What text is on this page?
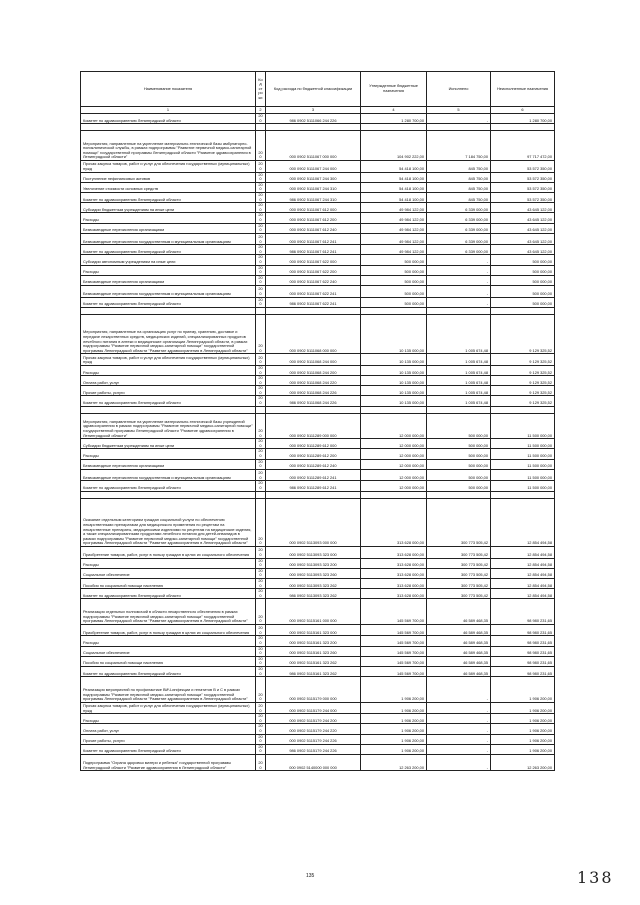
Наименование показателя	Код строки	Код расхода по бюджетной классификации	Утвержденные бюджетные назначения	Исполнено	Неисполненные назначения
1	2	3	4	5	6
Комитет по здравоохранению Ленинградской области	200	986 0902 5111066 244 226	1 280 700,00	-	1 280 700,00

Мероприятия, направленные на укрепление материально-технической базы амбулаторно-поликлинической службы, в рамках подпрограммы "Развитие первичной медико-санитарной помощи" государственной программы Ленинградской области "Развитие здравоохранения в Ленинградской области"	200	000 0902 5111067 000 000	104 902 222,00	7 184 750,00	97 717 472,00
Прочая закупка товаров, работ и услуг для обеспечения государственных (муниципальных) нужд	200	000 0902 5111067 244 000	54 418 100,00	845 750,00	53 572 350,00
Поступление нефинансовых активов	200	000 0902 5111067 244 300	54 418 100,00	845 750,00	53 572 350,00
Увеличение стоимости основных средств	200	000 0902 5111067 244 310	54 418 100,00	845 750,00	53 572 350,00
Комитет по здравоохранению Ленинградской области	200	986 0902 5111067 244 310	54 418 100,00	845 750,00	53 572 350,00
Субсидии бюджетным учреждениям на иные цели	200	000 0902 5111067 612 000	49 984 122,00	6 339 000,00	43 645 122,00
Расходы	200	000 0902 5111067 612 200	49 984 122,00	6 339 000,00	43 645 122,00
Безвозмездные перечисления организациям	200	000 0902 5111067 612 240	49 984 122,00	6 339 000,00	43 645 122,00
Безвозмездные перечисления государственным и муниципальным организациям	200	000 0902 5111067 612 241	49 984 122,00	6 339 000,00	43 645 122,00
Комитет по здравоохранению Ленинградской области	200	986 0902 5111067 612 241	49 984 122,00	6 339 000,00	43 645 122,00
Субсидии автономным учреждениям на иные цели	200	000 0902 5111067 622 000	500 000,00	-	500 000,00
Расходы	200	000 0902 5111067 622 200	500 000,00	-	500 000,00
Безвозмездные перечисления организациям	200	000 0902 5111067 622 240	500 000,00	-	500 000,00
Безвозмездные перечисления государственным и муниципальным организациям	200	000 0902 5111067 622 241	500 000,00	-	500 000,00
Комитет по здравоохранению Ленинградской области	200	986 0902 5111067 622 241	500 000,00	-	500 000,00

Мероприятия, направленные на организацию услуг по приему, хранению, доставке и передаче лекарственных средств, медицинских изделий, специализированных продуктов лечебного питания в аптеки и медицинские организации Ленинградской области, в рамках подпрограммы "Развитие первичной медико-санитарной помощи" государственной программы Ленинградской области "Развитие здравоохранения в Ленинградской области"	200	000 0902 5111068 000 000	10 135 000,00	1 005 674,48	9 129 325,52
Прочая закупка товаров, работ и услуг для обеспечения государственных (муниципальных) нужд	200	000 0902 5111068 244 000	10 135 000,00	1 005 674,48	9 129 325,52
Расходы	200	000 0902 5111068 244 200	10 135 000,00	1 005 674,48	9 129 325,52
Оплата работ, услуг	200	000 0902 5111068 244 220	10 135 000,00	1 005 674,48	9 129 325,52
Прочие работы, услуги	200	000 0902 5111068 244 226	10 135 000,00	1 005 674,48	9 129 325,52
Комитет по здравоохранению Ленинградской области	200	986 0902 5111068 244 226	10 135 000,00	1 005 674,48	9 129 325,52

Мероприятия, направленные на укрепление материально-технической базы учреждений здравоохранения в рамках подпрограммы "Развитие первичной медико-санитарной помощи" государственной программы Ленинградской области "Развитие здравоохранения в Ленинградской области"	200	000 0902 5111289 000 000	12 000 000,00	500 000,00	11 500 000,00
Субсидии бюджетным учреждениям на иные цели	200	000 0902 5111289 612 000	12 000 000,00	500 000,00	11 500 000,00
Расходы	200	000 0902 5111289 612 200	12 000 000,00	500 000,00	11 500 000,00
Безвозмездные перечисления организациям	200	000 0902 5111289 612 240	12 000 000,00	500 000,00	11 500 000,00
Безвозмездные перечисления государственным и муниципальным организациям	200	000 0902 5111289 612 241	12 000 000,00	500 000,00	11 500 000,00
Комитет по здравоохранению Ленинградской области	200	986 0902 5111289 612 241	12 000 000,00	500 000,00	11 500 000,00

Оказание отдельным категориям граждан социальной услуги по обеспечению лекарственными препаратами для медицинского применения по рецептам на лекарственные препараты, медицинскими изделиями по рецептам на медицинские изделия, а также специализированными продуктами лечебного питания для детей-инвалидов в рамках подпрограммы "Развитие первичной медико-санитарной помощи" государственной программы Ленинградской области "Развитие здравоохранения в Ленинградской области"	200	000 0902 5113093 000 000	313 628 000,00	300 773 505,42	12 854 494,58
Приобретение товаров, работ, услуг в пользу граждан в целях их социального обеспечения	200	000 0902 5113093 323 000	313 628 000,00	300 773 505,42	12 854 494,58
Расходы	200	000 0902 5113093 323 200	313 628 000,00	300 773 505,42	12 854 494,58
Социальное обеспечение	200	000 0902 5113093 323 260	313 628 000,00	300 773 505,42	12 854 494,58
Пособия по социальной помощи населению	200	000 0902 5113093 323 262	313 628 000,00	300 773 505,42	12 854 494,58
Комитет по здравоохранению Ленинградской области	200	986 0902 5113093 323 262	313 628 000,00	300 773 505,42	12 854 494,58
Реализация отдельных полномочий в области лекарственного обеспечения в рамках подпрограммы "Развитие первичной медико-санитарной помощи" государственной программы Ленинградской области "Развитие здравоохранения в Ленинградской области"	200	000 0902 5115161 000 000	145 569 700,00	46 589 468,35	98 980 231,65
Приобретение товаров, работ, услуг в пользу граждан в целях их социального обеспечения	200	000 0902 5115161 323 000	145 569 700,00	46 589 468,35	98 980 231,65
Расходы	200	000 0902 5115161 323 200	145 569 700,00	46 589 468,35	98 980 231,65
Социальное обеспечение	200	000 0902 5115161 323 260	145 569 700,00	46 589 468,35	98 980 231,65
Пособия по социальной помощи населению	200	000 0902 5115161 323 262	145 569 700,00	46 589 468,35	98 980 231,65
Комитет по здравоохранению Ленинградской области	200	986 0902 5115161 323 262	145 569 700,00	46 589 468,35	98 980 231,65
Реализация мероприятий по профилактике ВИЧ-инфекции и гепатитов В и С в рамках подпрограммы "Развитие первичной медико-санитарной помощи" государственной программы Ленинградской области "Развитие здравоохранения в Ленинградской области"	200	000 0902 5115179 000 000	1 906 200,00	-	1 906 200,00
Прочая закупка товаров, работ и услуг для обеспечения государственных (муниципальных) нужд	200	000 0902 5115179 244 000	1 906 200,00	-	1 906 200,00
Расходы	200	000 0902 5115179 244 200	1 906 200,00	-	1 906 200,00
Оплата работ, услуг	200	000 0902 5115179 244 220	1 906 200,00	-	1 906 200,00
Прочие работы, услуги	200	000 0902 5115179 244 226	1 906 200,00	-	1 906 200,00
Комитет по здравоохранению Ленинградской области	200	986 0902 5115179 244 226	1 906 200,00	-	1 906 200,00
Подпрограмма "Охрана здоровья матери и ребенка" государственной программы Ленинградской области "Развитие здравоохранения в Ленинградской области"	200	000 0902 5140000 000 000	12 263 200,00	-	12 263 200,00
135	138
